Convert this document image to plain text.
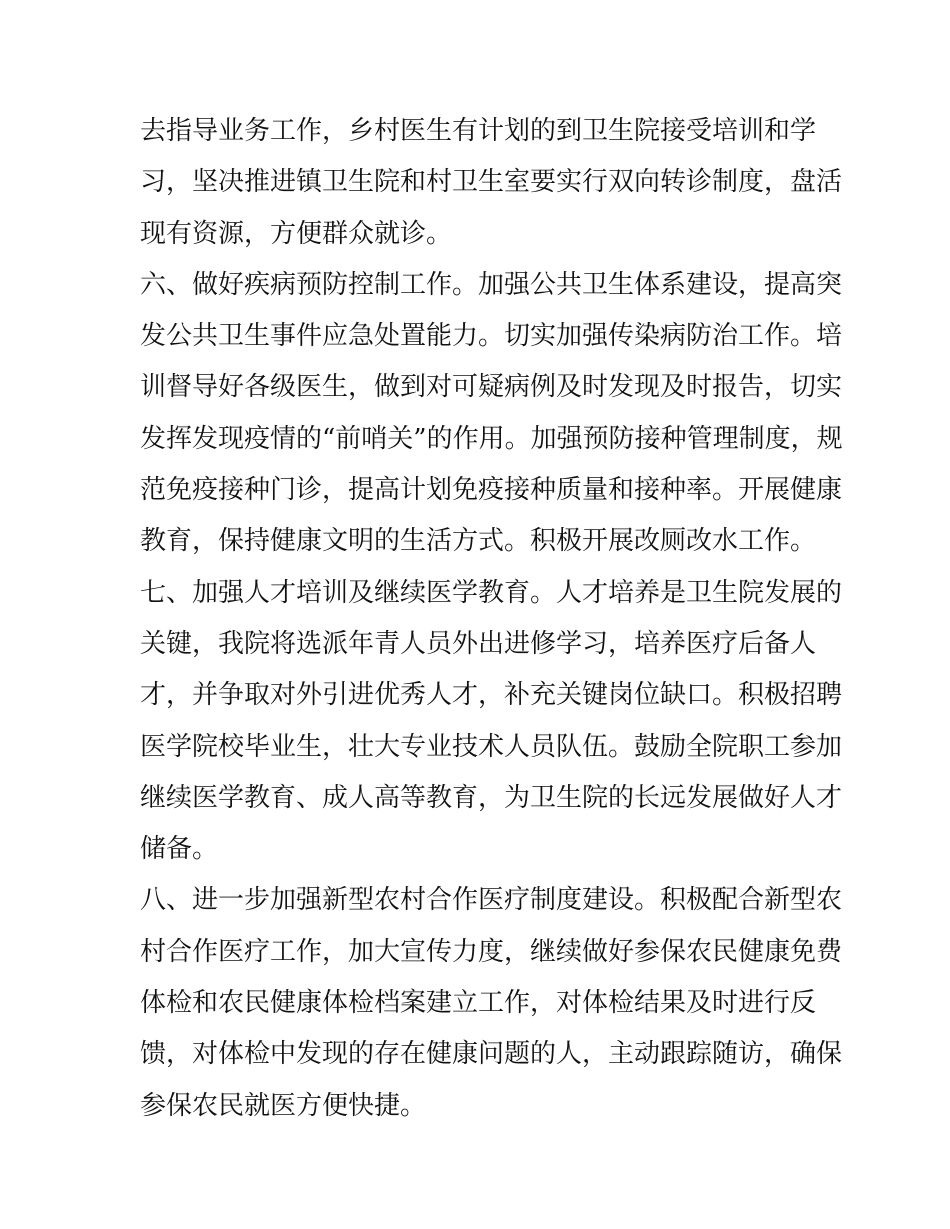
去指导业务工作，乡村医生有计划的到卫生院接受培训和学
习，坚决推进镇卫生院和村卫生室要实行双向转诊制度，盘活
现有资源，方便群众就诊。
六、做好疾病预防控制工作。加强公共卫生体系建设，提高突
发公共卫生事件应急处置能力。切实加强传染病防治工作。培
训督导好各级医生，做到对可疑病例及时发现及时报告，切实
发挥发现疫情的“前哨关”的作用。加强预防接种管理制度，规
范免疫接种门诊，提高计划免疫接种质量和接种率。开展健康
教育，保持健康文明的生活方式。积极开展改厕改水工作。
七、加强人才培训及继续医学教育。人才培养是卫生院发展的
关键，我院将选派年青人员外出进修学习，培养医疗后备人
才，并争取对外引进优秀人才，补充关键岗位缺口。积极招聘
医学院校毕业生，壮大专业技术人员队伍。鼓励全院职工参加
继续医学教育、成人高等教育，为卫生院的长远发展做好人才
储备。
八、进一步加强新型农村合作医疗制度建设。积极配合新型农
村合作医疗工作，加大宣传力度，继续做好参保农民健康免费
体检和农民健康体检档案建立工作，对体检结果及时进行反
馈，对体检中发现的存在健康问题的人，主动跟踪随访，确保
参保农民就医方便快捷。
